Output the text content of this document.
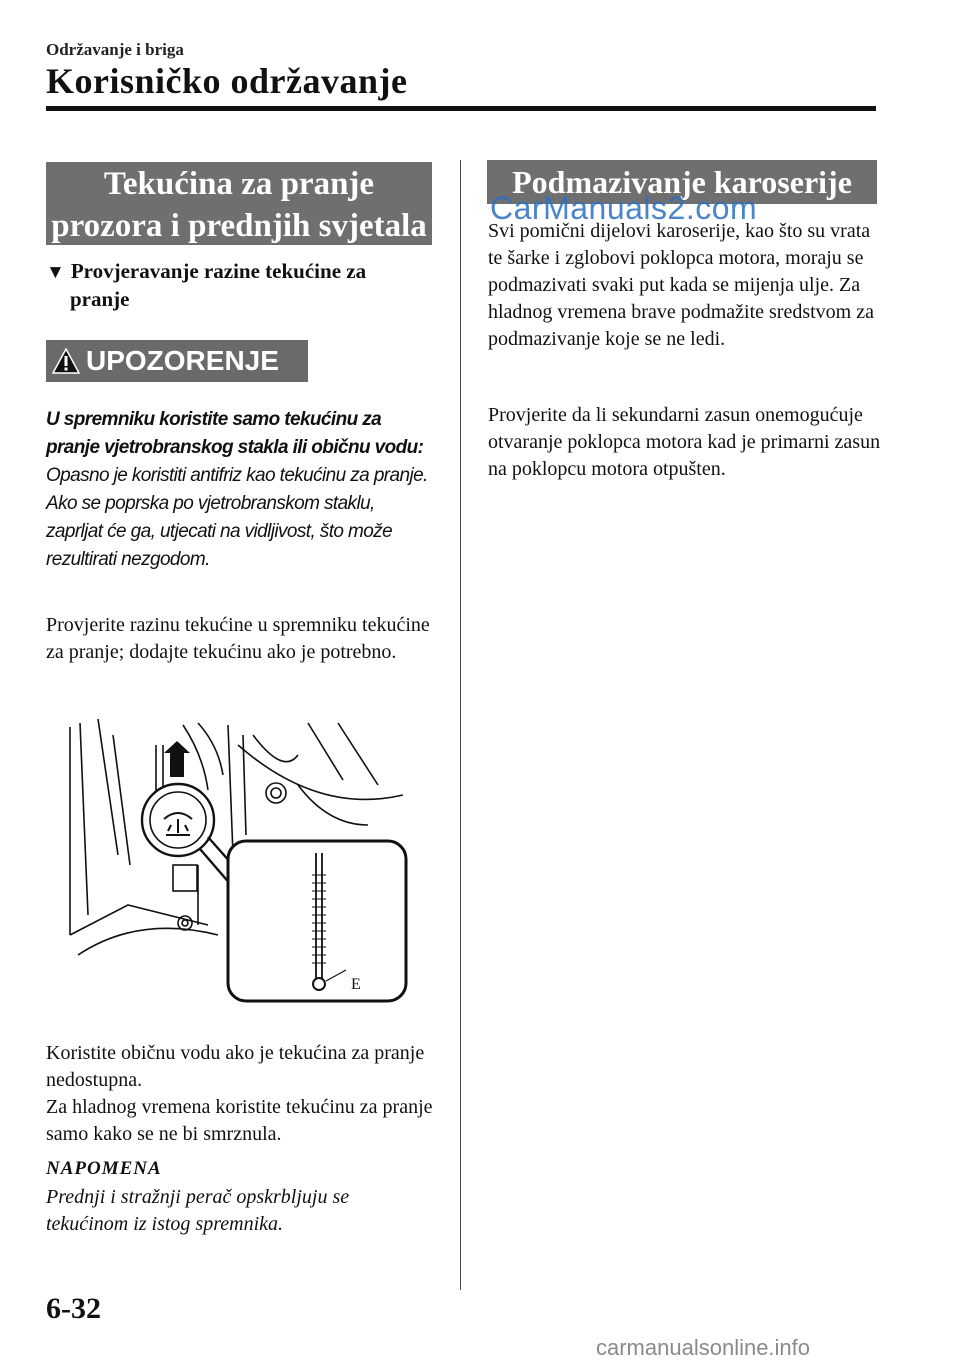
Održavanje i briga
Korisničko održavanje
Tekućina za pranje
prozora i prednjih svjetala
▼ Provjeravanje razine tekućine za
pranje
UPOZORENJE
U spremniku koristite samo tekućinu za pranje vjetrobranskog stakla ili običnu vodu:
Opasno je koristiti antifriz kao tekućinu za pranje. Ako se poprska po vjetrobranskom staklu, zaprljat će ga, utjecati na vidljivost, što može rezultirati nezgodom.
Provjerite razinu tekućine u spremniku tekućine za pranje; dodajte tekućinu ako je potrebno.
E
Koristite običnu vodu ako je tekućina za pranje nedostupna.
Za hladnog vremena koristite tekućinu za pranje samo kako se ne bi smrznula.
NAPOMENA
Prednji i stražnji perač opskrbljuju se tekućinom iz istog spremnika.
Podmazivanje karoserije
CarManuals2.com
Svi pomični dijelovi karoserije, kao što su vrata te šarke i zglobovi poklopca motora, moraju se podmazivati svaki put kada se mijenja ulje. Za hladnog vremena brave podmažite sredstvom za podmazivanje koje se ne ledi.
Provjerite da li sekundarni zasun onemogućuje otvaranje poklopca motora kad je primarni zasun na poklopcu motora otpušten.
6-32
carmanualsonline.info
